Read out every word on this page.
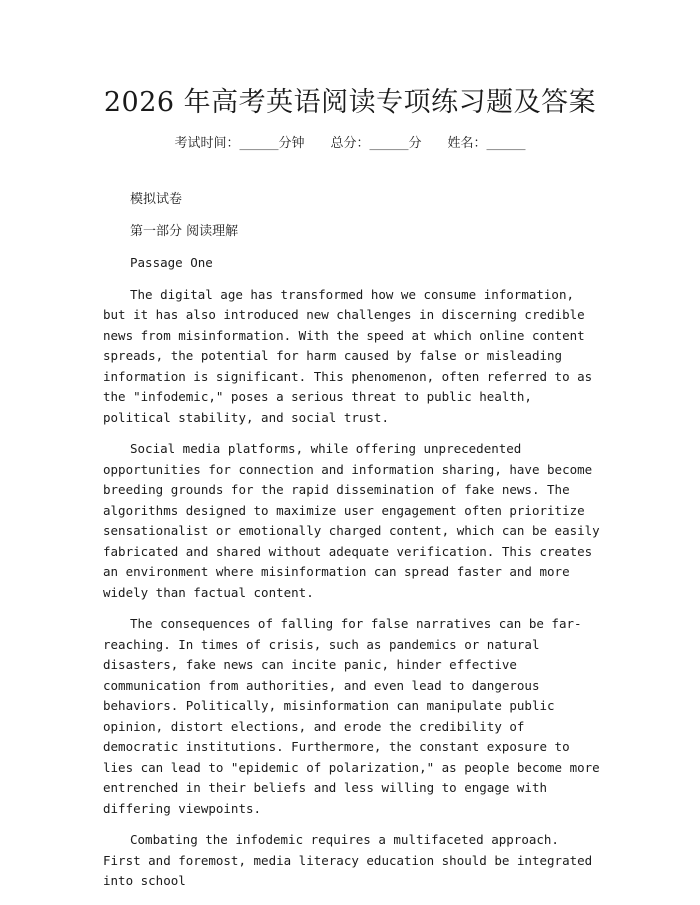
2026 年高考英语阅读专项练习题及答案
考试时间：______分钟 总分：______分 姓名：______

模拟试卷

第一部分 阅读理解

Passage One

The digital age has transformed how we consume information, but it has also introduced new challenges in discerning credible news from misinformation. With the speed at which online content spreads, the potential for harm caused by false or misleading information is significant. This phenomenon, often referred to as the "infodemic," poses a serious threat to public health, political stability, and social trust.

Social media platforms, while offering unprecedented opportunities for connection and information sharing, have become breeding grounds for the rapid dissemination of fake news. The algorithms designed to maximize user engagement often prioritize sensationalist or emotionally charged content, which can be easily fabricated and shared without adequate verification. This creates an environment where misinformation can spread faster and more widely than factual content.

The consequences of falling for false narratives can be far-reaching. In times of crisis, such as pandemics or natural disasters, fake news can incite panic, hinder effective communication from authorities, and even lead to dangerous behaviors. Politically, misinformation can manipulate public opinion, distort elections, and erode the credibility of democratic institutions. Furthermore, the constant exposure to lies can lead to "epidemic of polarization," as people become more entrenched in their beliefs and less willing to engage with differing viewpoints.

Combating the infodemic requires a multifaceted approach. First and foremost, media literacy education should be integrated into school
